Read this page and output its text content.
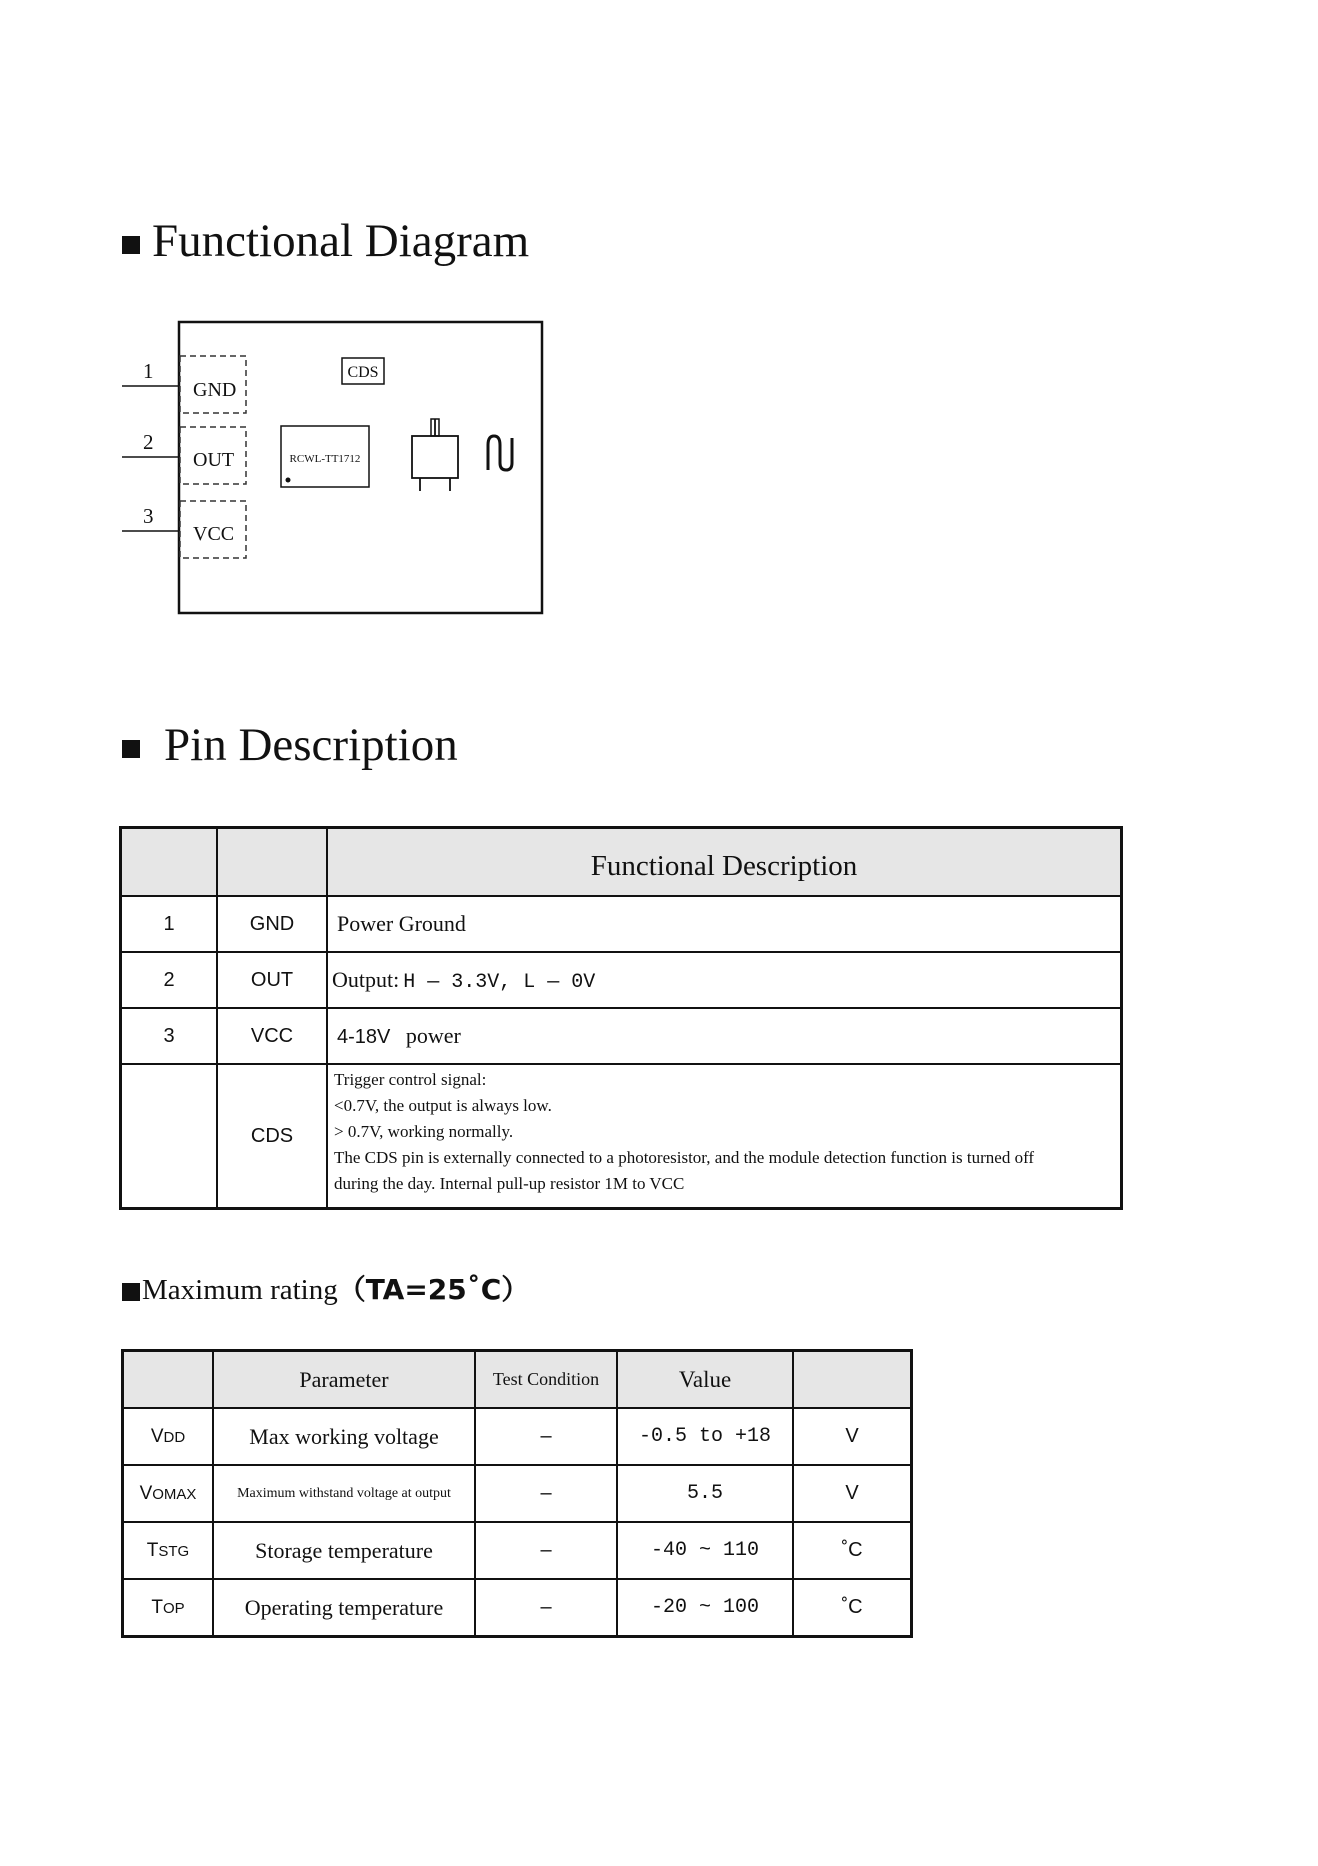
Functional Diagram
1
2
3
GND
OUT
VCC
CDS
RCWL-TT1712
Pin Description
		Functional Description
1	GND	Power Ground
2	OUT	Output: H — 3.3V, L — 0V
3	VCC	4-18V power
	CDS	Trigger control signal:
<0.7V, the output is always low.
> 0.7V, working normally.
The CDS pin is externally connected to a photoresistor, and the module detection function is turned off
during the day. Internal pull-up resistor 1M to VCC
Maximum rating（TA=25˚C）
	Parameter	Test Condition	Value	
VDD	Max working voltage	–	-0.5 to +18	V
VOMAX	Maximum withstand voltage at output	–	5.5	V
TSTG	Storage temperature	–	-40 ~ 110	˚C
TOP	Operating temperature	–	-20 ~ 100	˚C
